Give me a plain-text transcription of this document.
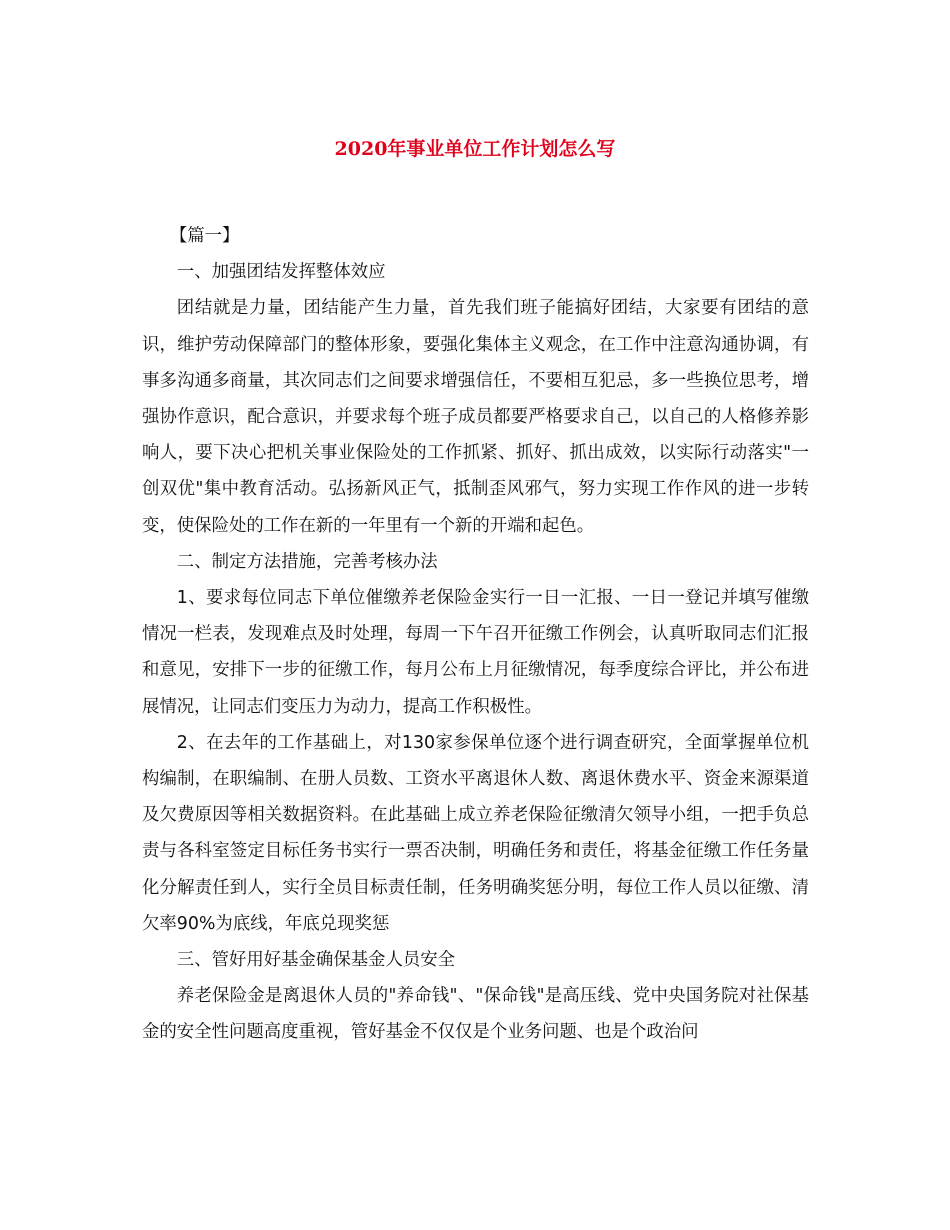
2020年事业单位工作计划怎么写

【篇一】

一、加强团结发挥整体效应

团结就是力量，团结能产生力量，首先我们班子能搞好团结，大家要有团结的意识，维护劳动保障部门的整体形象，要强化集体主义观念，在工作中注意沟通协调，有事多沟通多商量，其次同志们之间要求增强信任，不要相互犯忌，多一些换位思考，增强协作意识，配合意识，并要求每个班子成员都要严格要求自己，以自己的人格修养影响人，要下决心把机关事业保险处的工作抓紧、抓好、抓出成效，以实际行动落实"一创双优"集中教育活动。弘扬新风正气，抵制歪风邪气，努力实现工作作风的进一步转变，使保险处的工作在新的一年里有一个新的开端和起色。

二、制定方法措施，完善考核办法

1、要求每位同志下单位催缴养老保险金实行一日一汇报、一日一登记并填写催缴情况一栏表，发现难点及时处理，每周一下午召开征缴工作例会，认真听取同志们汇报和意见，安排下一步的征缴工作，每月公布上月征缴情况，每季度综合评比，并公布进展情况，让同志们变压力为动力，提高工作积极性。

2、在去年的工作基础上，对130家参保单位逐个进行调查研究，全面掌握单位机构编制，在职编制、在册人员数、工资水平离退休人数、离退休费水平、资金来源渠道及欠费原因等相关数据资料。在此基础上成立养老保险征缴清欠领导小组，一把手负总责与各科室签定目标任务书实行一票否决制，明确任务和责任，将基金征缴工作任务量化分解责任到人，实行全员目标责任制，任务明确奖惩分明，每位工作人员以征缴、清欠率90%为底线，年底兑现奖惩

三、管好用好基金确保基金人员安全

养老保险金是离退休人员的"养命钱"、"保命钱"是高压线、党中央国务院对社保基金的安全性问题高度重视，管好基金不仅仅是个业务问题、也是个政治问
